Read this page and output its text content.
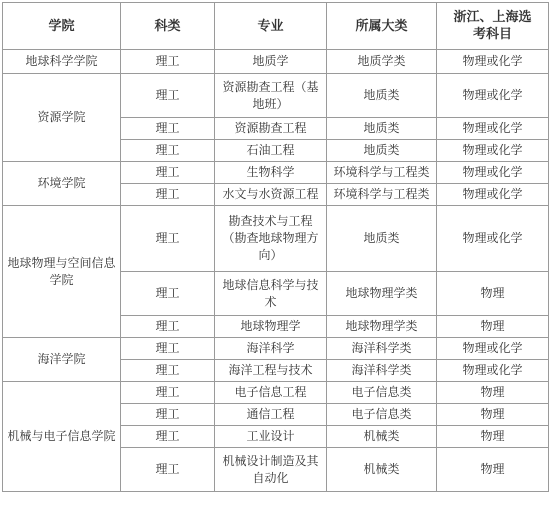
学院	科类	专业	所属大类	浙江、上海选考科目
地球科学学院	理工	地质学	地质学类	物理或化学
资源学院	理工	资源勘查工程（基地班）	地质类	物理或化学
	理工	资源勘查工程	地质类	物理或化学
	理工	石油工程	地质类	物理或化学
环境学院	理工	生物科学	环境科学与工程类	物理或化学
	理工	水文与水资源工程	环境科学与工程类	物理或化学
地球物理与空间信息学院	理工	勘查技术与工程（勘查地球物理方向）	地质类	物理或化学
	理工	地球信息科学与技术	地球物理学类	物理
	理工	地球物理学	地球物理学类	物理
海洋学院	理工	海洋科学	海洋科学类	物理或化学
	理工	海洋工程与技术	海洋科学类	物理或化学
机械与电子信息学院	理工	电子信息工程	电子信息类	物理
	理工	通信工程	电子信息类	物理
	理工	工业设计	机械类	物理
	理工	机械设计制造及其自动化	机械类	物理
